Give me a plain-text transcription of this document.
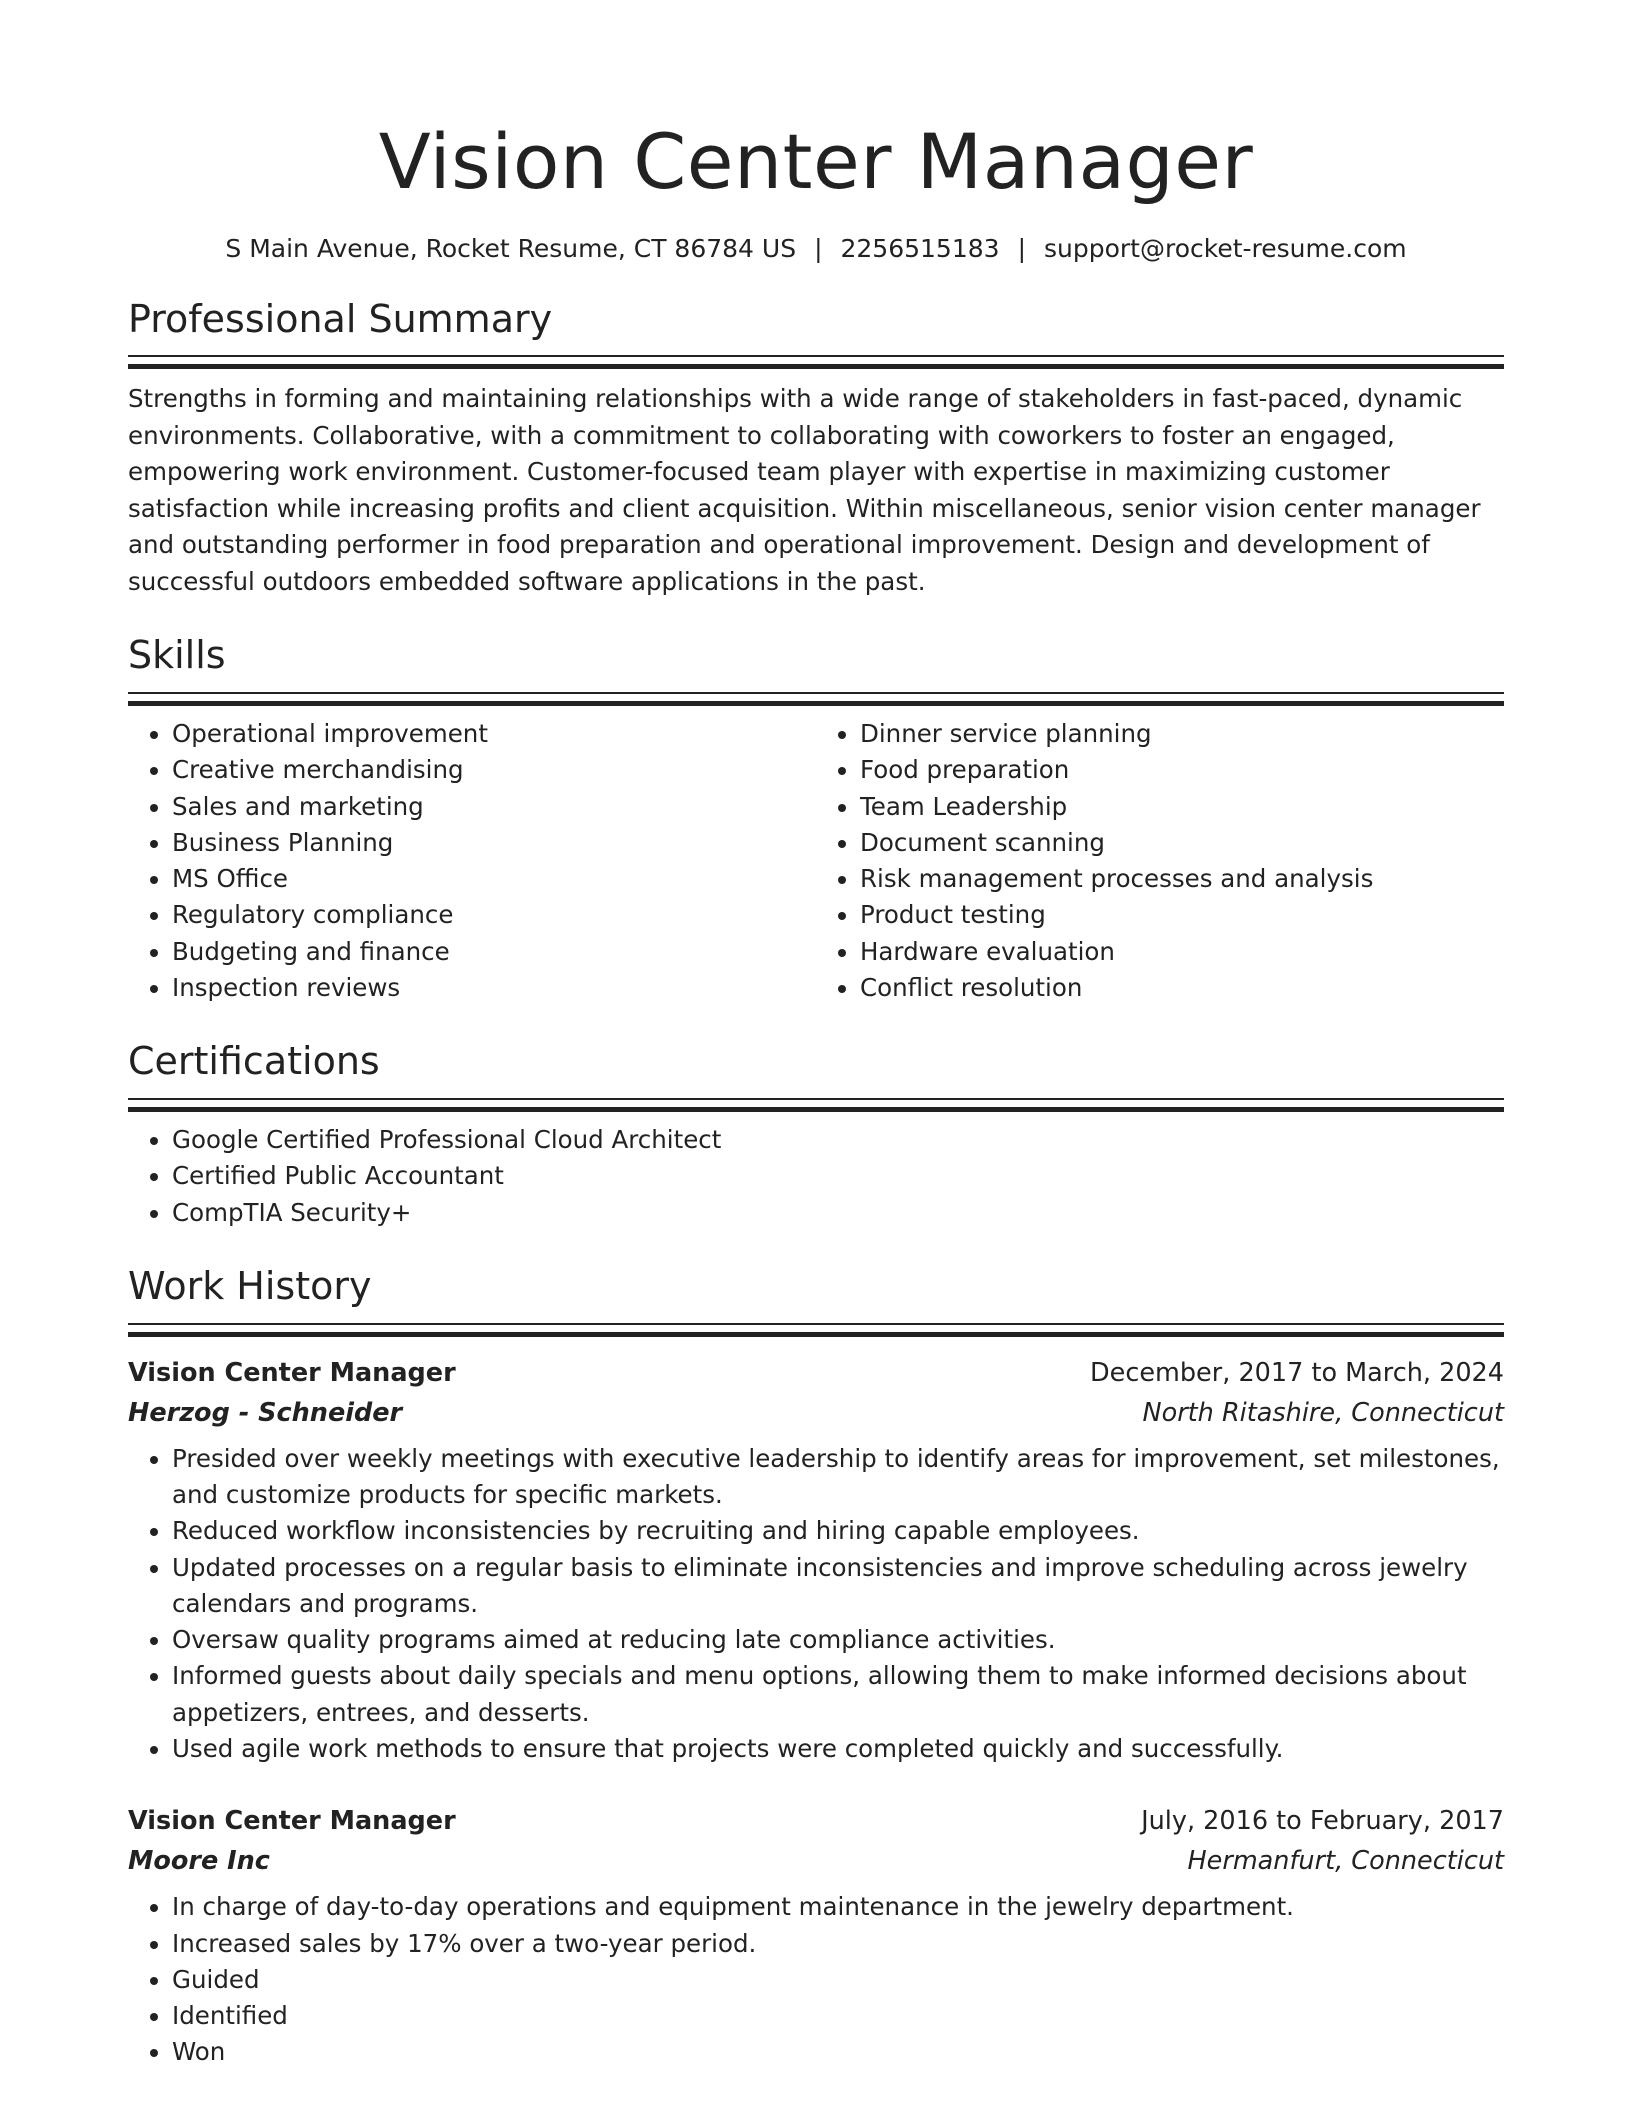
Vision Center Manager
S Main Avenue, Rocket Resume, CT 86784 US | 2256515183 | support@rocket-resume.com
Professional Summary
Strengths in forming and maintaining relationships with a wide range of stakeholders in fast-paced, dynamic environments. Collaborative, with a commitment to collaborating with coworkers to foster an engaged, empowering work environment. Customer-focused team player with expertise in maximizing customer satisfaction while increasing profits and client acquisition. Within miscellaneous, senior vision center manager and outstanding performer in food preparation and operational improvement. Design and development of successful outdoors embedded software applications in the past.
Skills
• Operational improvement
• Creative merchandising
• Sales and marketing
• Business Planning
• MS Office
• Regulatory compliance
• Budgeting and finance
• Inspection reviews
• Dinner service planning
• Food preparation
• Team Leadership
• Document scanning
• Risk management processes and analysis
• Product testing
• Hardware evaluation
• Conflict resolution
Certifications
• Google Certified Professional Cloud Architect
• Certified Public Accountant
• CompTIA Security+
Work History
Vision Center Manager	December, 2017 to March, 2024
Herzog - Schneider	North Ritashire, Connecticut
• Presided over weekly meetings with executive leadership to identify areas for improvement, set milestones, and customize products for specific markets.
• Reduced workflow inconsistencies by recruiting and hiring capable employees.
• Updated processes on a regular basis to eliminate inconsistencies and improve scheduling across jewelry calendars and programs.
• Oversaw quality programs aimed at reducing late compliance activities.
• Informed guests about daily specials and menu options, allowing them to make informed decisions about appetizers, entrees, and desserts.
• Used agile work methods to ensure that projects were completed quickly and successfully.
Vision Center Manager	July, 2016 to February, 2017
Moore Inc	Hermanfurt, Connecticut
• In charge of day-to-day operations and equipment maintenance in the jewelry department.
• Increased sales by 17% over a two-year period.
• Guided
• Identified
• Won
